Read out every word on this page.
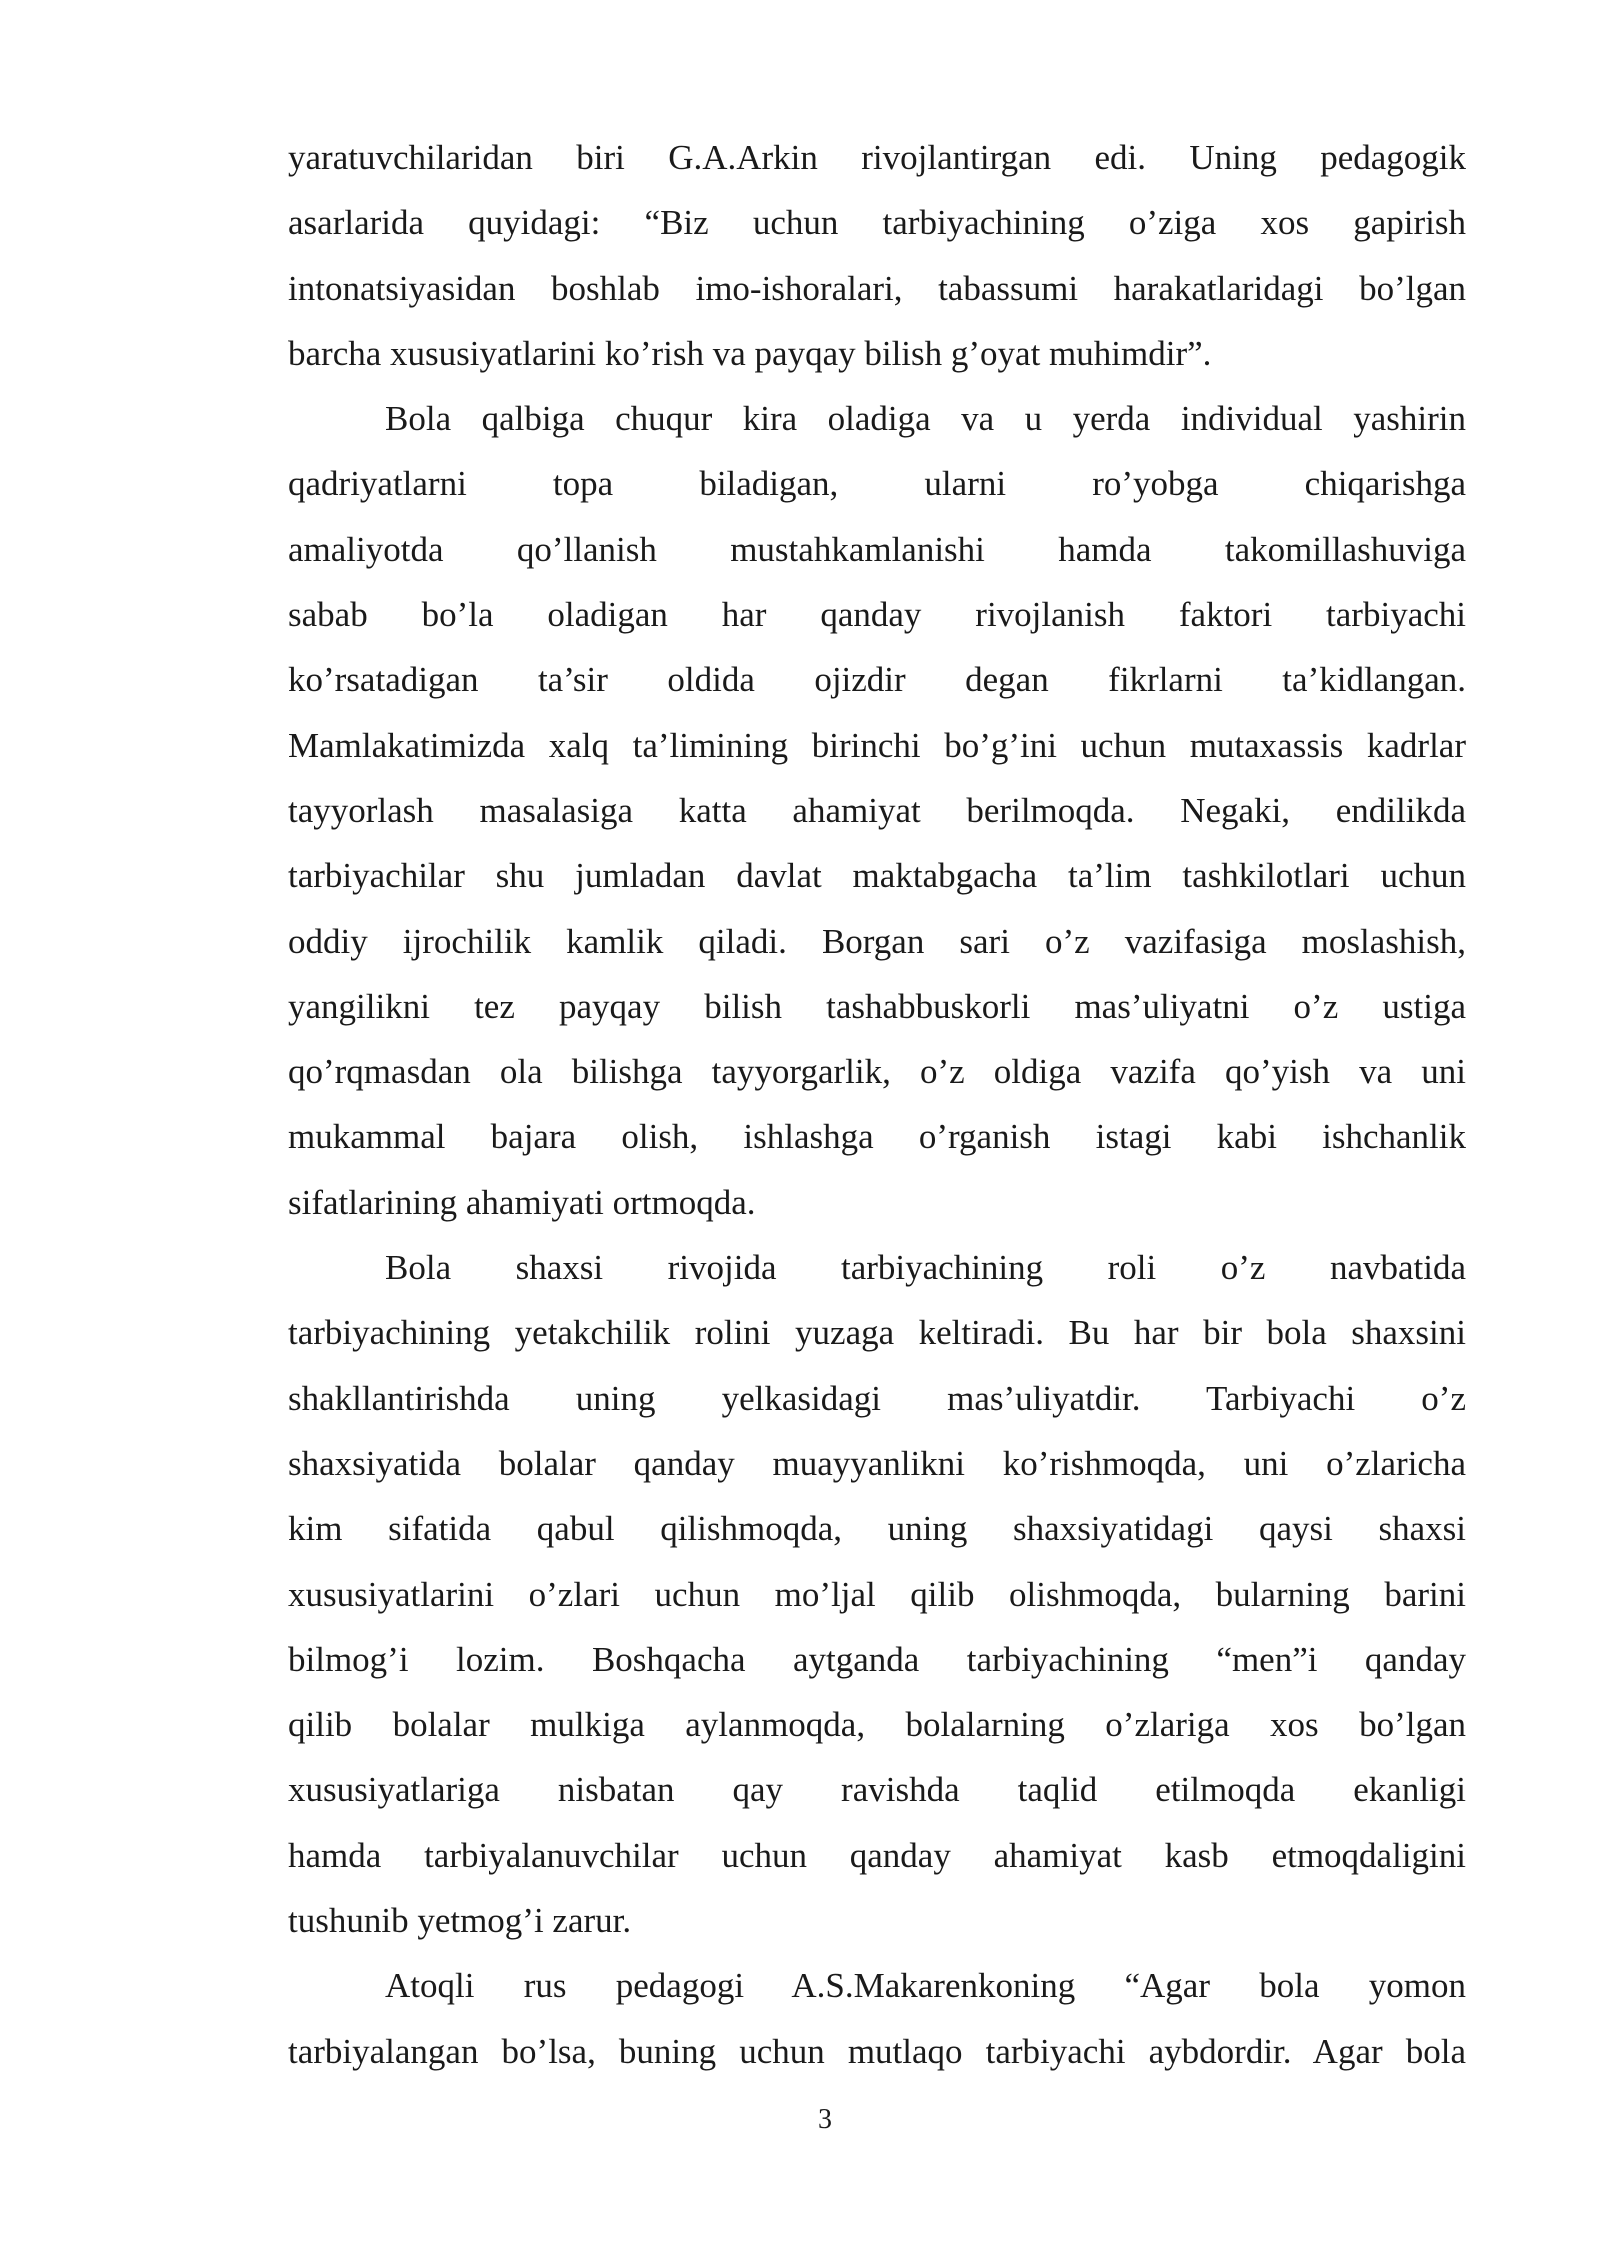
yaratuvchilaridan biri G.A.Arkin rivojlantirgan edi. Uning pedagogik
asarlarida quyidagi: “Biz uchun tarbiyachining o’ziga xos gapirish
intonatsiyasidan boshlab imo-ishoralari, tabassumi harakatlaridagi bo’lgan
barcha xususiyatlarini ko’rish va payqay bilish g’oyat muhimdir”.
Bola qalbiga chuqur kira oladiga va u yerda individual yashirin
qadriyatlarni topa biladigan, ularni ro’yobga chiqarishga
amaliyotda qo’llanish mustahkamlanishi hamda takomillashuviga
sabab bo’la oladigan har qanday rivojlanish faktori tarbiyachi
ko’rsatadigan ta’sir oldida ojizdir degan fikrlarni ta’kidlangan.
Mamlakatimizda xalq ta’limining birinchi bo’g’ini uchun mutaxassis kadrlar
tayyorlash masalasiga katta ahamiyat berilmoqda. Negaki, endilikda
tarbiyachilar shu jumladan davlat maktabgacha ta’lim tashkilotlari uchun
oddiy ijrochilik kamlik qiladi. Borgan sari o’z vazifasiga moslashish,
yangilikni tez payqay bilish tashabbuskorli mas’uliyatni o’z ustiga
qo’rqmasdan ola bilishga tayyorgarlik, o’z oldiga vazifa qo’yish va uni
mukammal bajara olish, ishlashga o’rganish istagi kabi ishchanlik
sifatlarining ahamiyati ortmoqda.
Bola shaxsi rivojida tarbiyachining roli o’z navbatida
tarbiyachining yetakchilik rolini yuzaga keltiradi. Bu har bir bola shaxsini
shakllantirishda uning yelkasidagi mas’uliyatdir. Tarbiyachi o’z
shaxsiyatida bolalar qanday muayyanlikni ko’rishmoqda, uni o’zlaricha
kim sifatida qabul qilishmoqda, uning shaxsiyatidagi qaysi shaxsi
xususiyatlarini o’zlari uchun mo’ljal qilib olishmoqda, bularning barini
bilmog’i lozim. Boshqacha aytganda tarbiyachining “men”i qanday
qilib bolalar mulkiga aylanmoqda, bolalarning o’zlariga xos bo’lgan
xususiyatlariga nisbatan qay ravishda taqlid etilmoqda ekanligi
hamda tarbiyalanuvchilar uchun qanday ahamiyat kasb etmoqdaligini
tushunib yetmog’i zarur.
Atoqli rus pedagogi A.S.Makarenkoning “Agar bola yomon
tarbiyalangan bo’lsa, buning uchun mutlaqo tarbiyachi aybdordir. Agar bola
3
